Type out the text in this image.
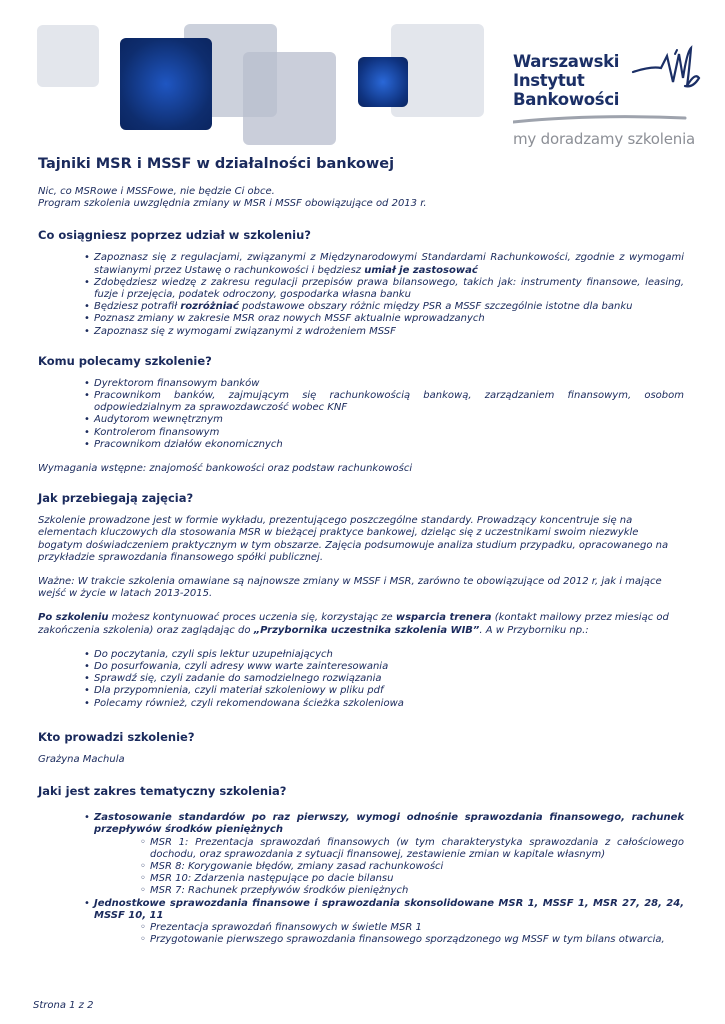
Warszawski
Instytut
Bankowości
my doradzamy szkolenia
Tajniki MSR i MSSF w działalności bankowej

Nic, co MSRowe i MSSFowe, nie będzie Ci obce.

Program szkolenia uwzględnia zmiany w MSR i MSSF obowiązujące od 2013 r.

Co osiągniesz poprzez udział w szkoleniu?
• Zapoznasz się z regulacjami, związanymi z Międzynarodowymi Standardami Rachunkowości, zgodnie z wymogami stawianymi przez Ustawę o rachunkowości i będziesz umiał je zastosować
• Zdobędziesz wiedzę z zakresu regulacji przepisów prawa bilansowego, takich jak: instrumenty finansowe, leasing, fuzje i przejęcia, podatek odroczony, gospodarka własna banku
• Będziesz potrafił rozróżniać podstawowe obszary różnic między PSR a MSSF szczególnie istotne dla banku
• Poznasz zmiany w zakresie MSR oraz nowych MSSF aktualnie wprowadzanych
• Zapoznasz się z wymogami związanymi z wdrożeniem MSSF
Komu polecamy szkolenie?
• Dyrektorom finansowym banków
• Pracownikom banków, zajmującym się rachunkowością bankową, zarządzaniem finansowym, osobom odpowiedzialnym za sprawozdawczość wobec KNF
• Audytorom wewnętrznym
• Kontrolerom finansowym
• Pracownikom działów ekonomicznych

Wymagania wstępne: znajomość bankowości oraz podstaw rachunkowości

Jak przebiegają zajęcia?

Szkolenie prowadzone jest w formie wykładu, prezentującego poszczególne standardy. Prowadzący koncentruje się na elementach kluczowych dla stosowania MSR w bieżącej praktyce bankowej, dzieląc się z uczestnikami swoim niezwykle bogatym doświadczeniem praktycznym w tym obszarze. Zajęcia podsumowuje analiza studium przypadku, opracowanego na przykładzie sprawozdania finansowego spółki publicznej.

Ważne: W trakcie szkolenia omawiane są najnowsze zmiany w MSSF i MSR, zarówno te obowiązujące od 2012 r, jak i mające wejść w życie w latach 2013-2015.

Po szkoleniu możesz kontynuować proces uczenia się, korzystając ze wsparcia trenera (kontakt mailowy przez miesiąc od zakończenia szkolenia) oraz zaglądając do „Przybornika uczestnika szkolenia WIB”. A w Przyborniku np.:

• Do poczytania, czyli spis lektur uzupełniających
• Do posurfowania, czyli adresy www warte zainteresowania
• Sprawdź się, czyli zadanie do samodzielnego rozwiązania
• Dla przypomnienia, czyli materiał szkoleniowy w pliku pdf
• Polecamy również, czyli rekomendowana ścieżka szkoleniowa
Kto prowadzi szkolenie?

Grażyna Machula

Jaki jest zakres tematyczny szkolenia?
• Zastosowanie standardów po raz pierwszy, wymogi odnośnie sprawozdania finansowego, rachunek przepływów środków pieniężnych
◦ MSR 1: Prezentacja sprawozdań finansowych (w tym charakterystyka sprawozdania z całościowego dochodu, oraz sprawozdania z sytuacji finansowej, zestawienie zmian w kapitale własnym)
◦ MSR 8: Korygowanie błędów, zmiany zasad rachunkowości
◦ MSR 10: Zdarzenia następujące po dacie bilansu
◦ MSR 7: Rachunek przepływów środków pieniężnych
• Jednostkowe sprawozdania finansowe i sprawozdania skonsolidowane MSR 1, MSSF 1, MSR 27, 28, 24, MSSF 10, 11
◦ Prezentacja sprawozdań finansowych w świetle MSR 1
◦ Przygotowanie pierwszego sprawozdania finansowego sporządzonego wg MSSF w tym bilans otwarcia,
Strona 1 z 2
